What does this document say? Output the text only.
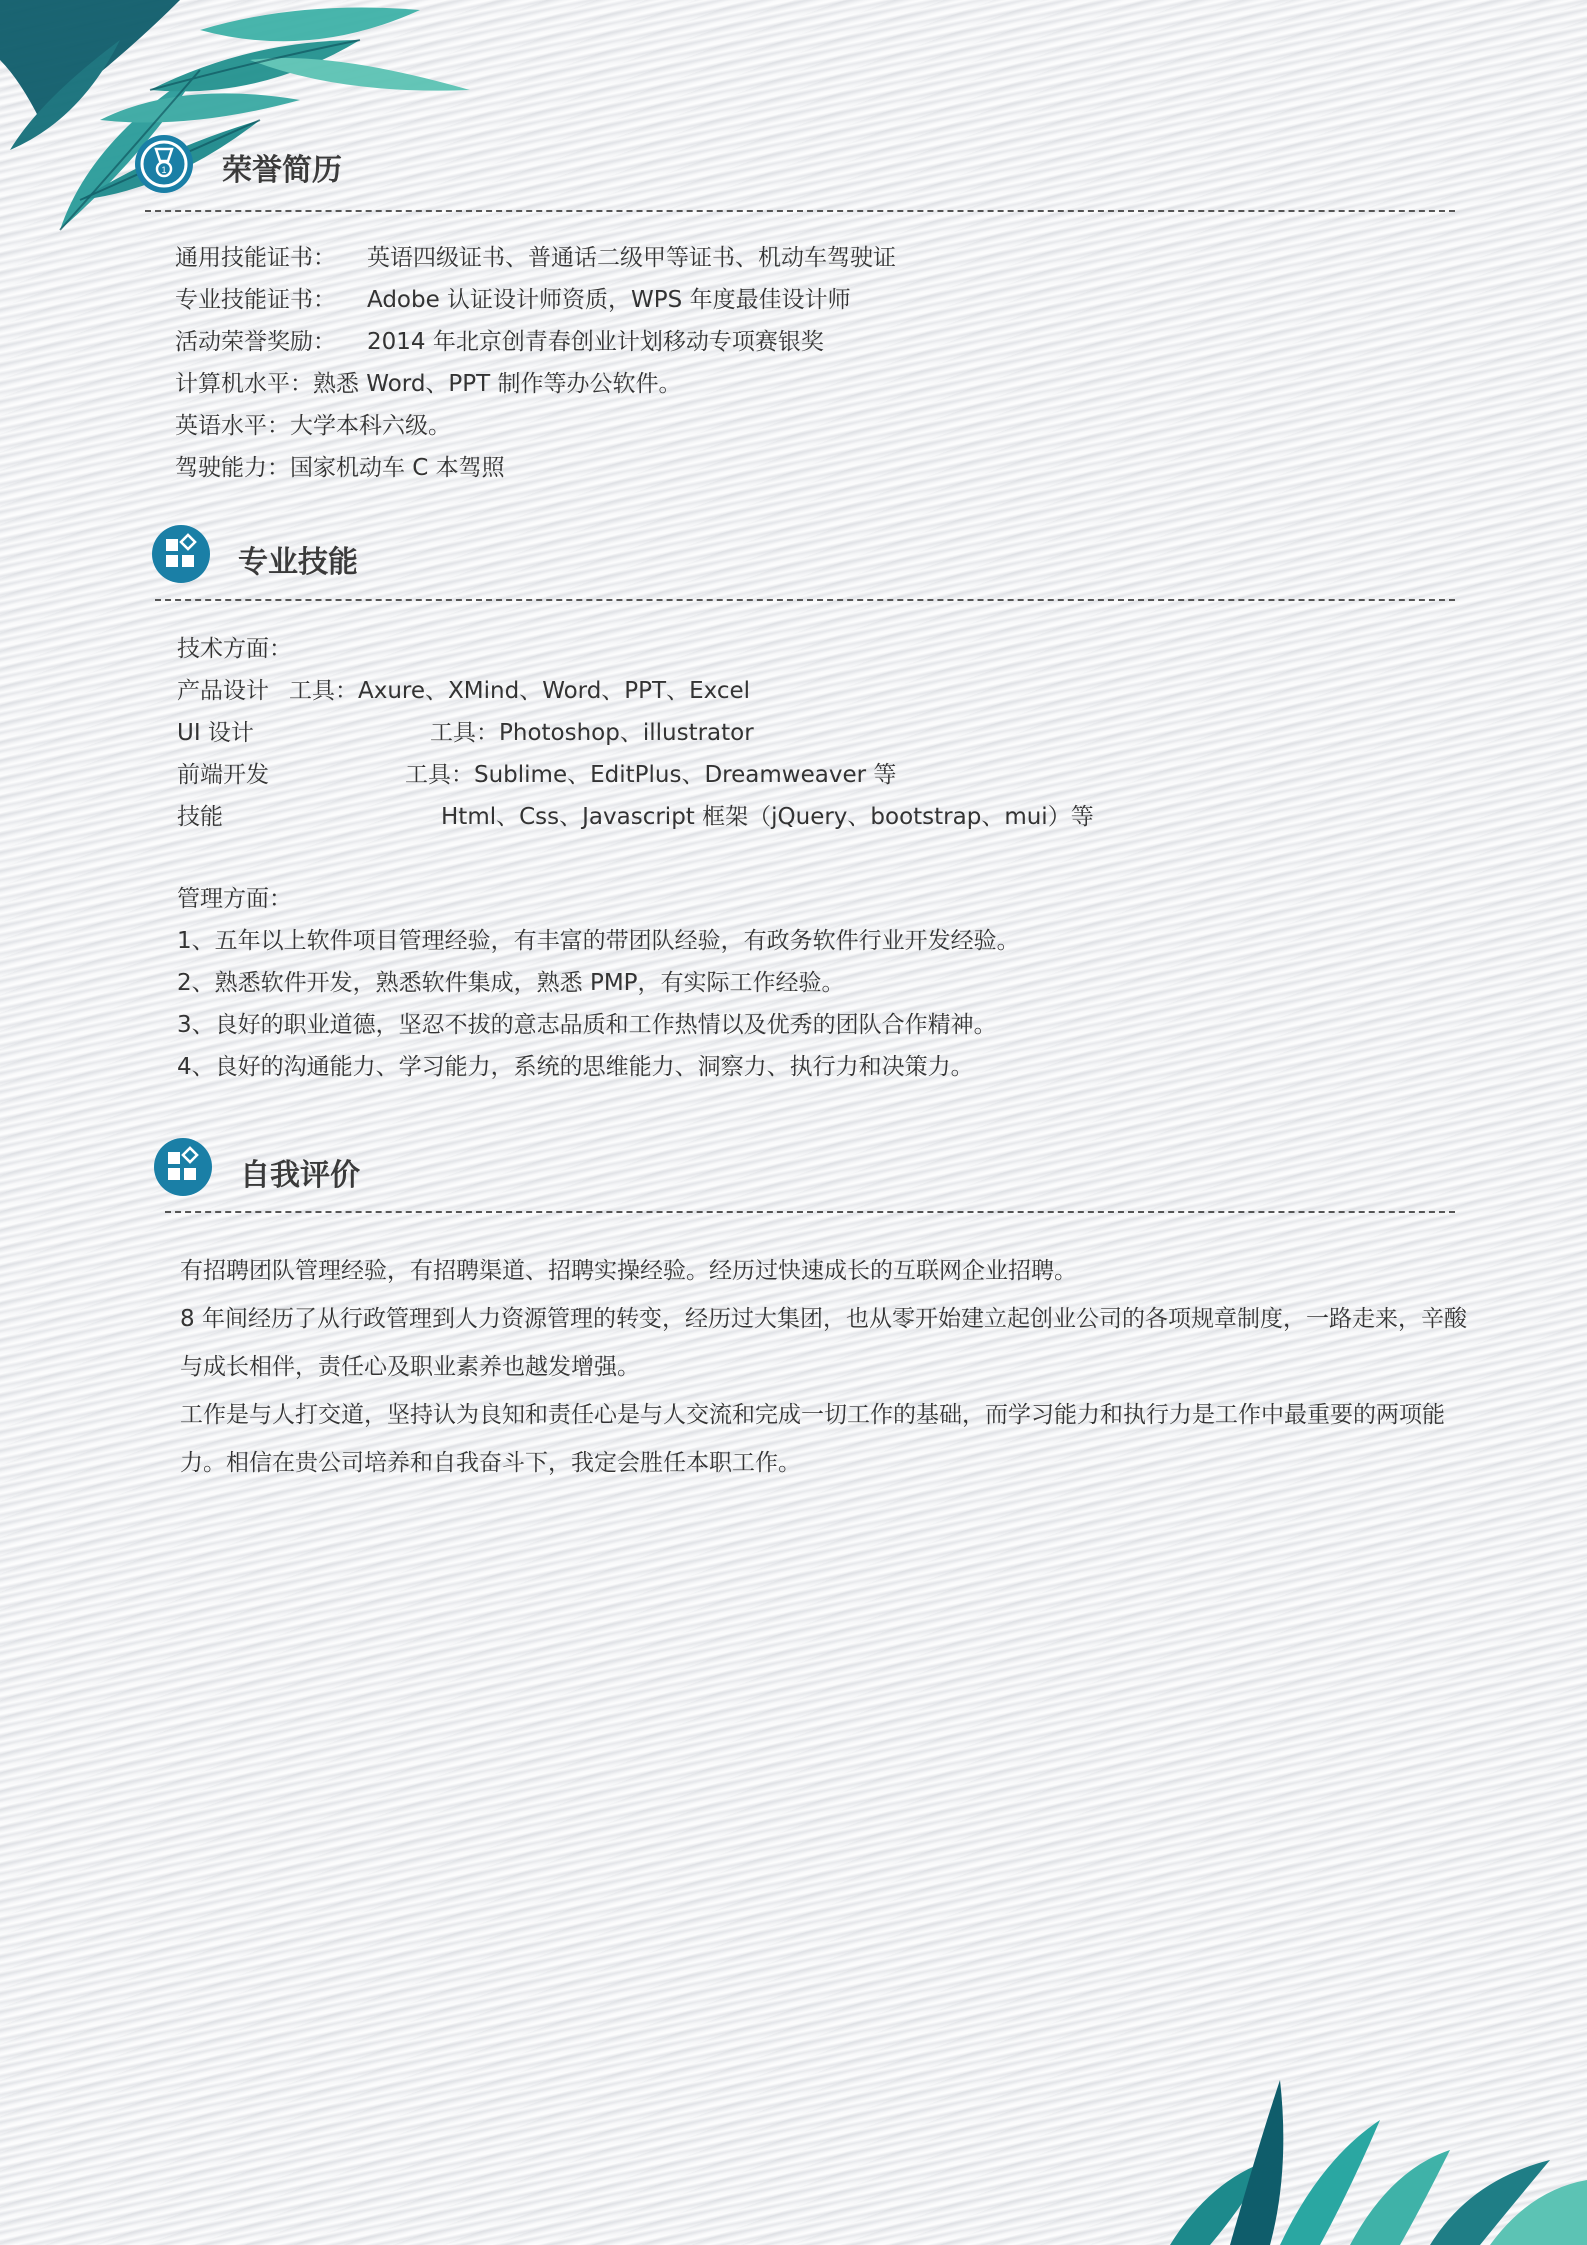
1 荣誉简历
通用技能证书： 英语四级证书、普通话二级甲等证书、机动车驾驶证
专业技能证书： Adobe 认证设计师资质，WPS 年度最佳设计师
活动荣誉奖励： 2014 年北京创青春创业计划移动专项赛银奖
计算机水平：熟悉 Word、PPT 制作等办公软件。
英语水平：大学本科六级。
驾驶能力：国家机动车 C 本驾照
专业技能
技术方面：
产品设计 工具：Axure、XMind、Word、PPT、Excel
UI 设计	工具：Photoshop、illustrator
前端开发	工具：Sublime、EditPlus、Dreamweaver 等
技能	Html、Css、Javascript 框架（jQuery、bootstrap、mui）等
管理方面：
1、五年以上软件项目管理经验，有丰富的带团队经验，有政务软件行业开发经验。
2、熟悉软件开发，熟悉软件集成，熟悉 PMP，有实际工作经验。
3、良好的职业道德，坚忍不拔的意志品质和工作热情以及优秀的团队合作精神。
4、良好的沟通能力、学习能力，系统的思维能力、洞察力、执行力和决策力。
自我评价
有招聘团队管理经验，有招聘渠道、招聘实操经验。经历过快速成长的互联网企业招聘。
8 年间经历了从行政管理到人力资源管理的转变，经历过大集团，也从零开始建立起创业公司的各项规章制度，一路走来，辛酸与成长相伴，责任心及职业素养也越发增强。
工作是与人打交道，坚持认为良知和责任心是与人交流和完成一切工作的基础，而学习能力和执行力是工作中最重要的两项能力。相信在贵公司培养和自我奋斗下，我定会胜任本职工作。
